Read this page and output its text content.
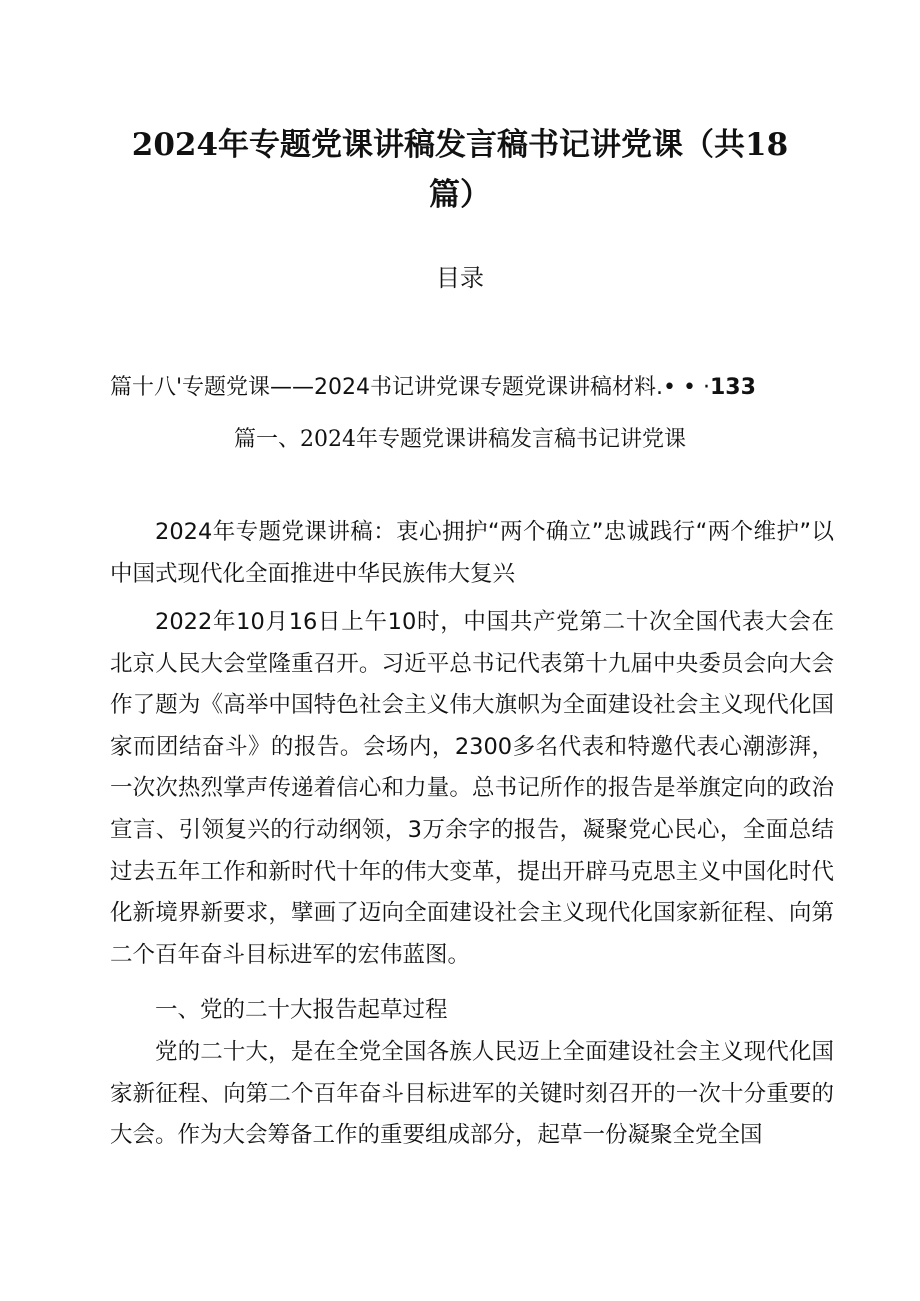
2024年专题党课讲稿发言稿书记讲党课（共18篇）
目录
篇十八'专题党课——2024书记讲党课专题党课讲稿材料.• • ·133
篇一、2024年专题党课讲稿发言稿书记讲党课

2024年专题党课讲稿：衷心拥护“两个确立”忠诚践行“两个维护”以中国式现代化全面推进中华民族伟大复兴

2022年10月16日上午10时，中国共产党第二十次全国代表大会在北京人民大会堂隆重召开。习近平总书记代表第十九届中央委员会向大会作了题为《高举中国特色社会主义伟大旗帜为全面建设社会主义现代化国家而团结奋斗》的报告。会场内，2300多名代表和特邀代表心潮澎湃，一次次热烈掌声传递着信心和力量。总书记所作的报告是举旗定向的政治宣言、引领复兴的行动纲领，3万余字的报告，凝聚党心民心，全面总结过去五年工作和新时代十年的伟大变革，提出开辟马克思主义中国化时代化新境界新要求，擘画了迈向全面建设社会主义现代化国家新征程、向第二个百年奋斗目标进军的宏伟蓝图。

一、党的二十大报告起草过程

党的二十大，是在全党全国各族人民迈上全面建设社会主义现代化国家新征程、向第二个百年奋斗目标进军的关键时刻召开的一次十分重要的大会。作为大会筹备工作的重要组成部分，起草一份凝聚全党全国
